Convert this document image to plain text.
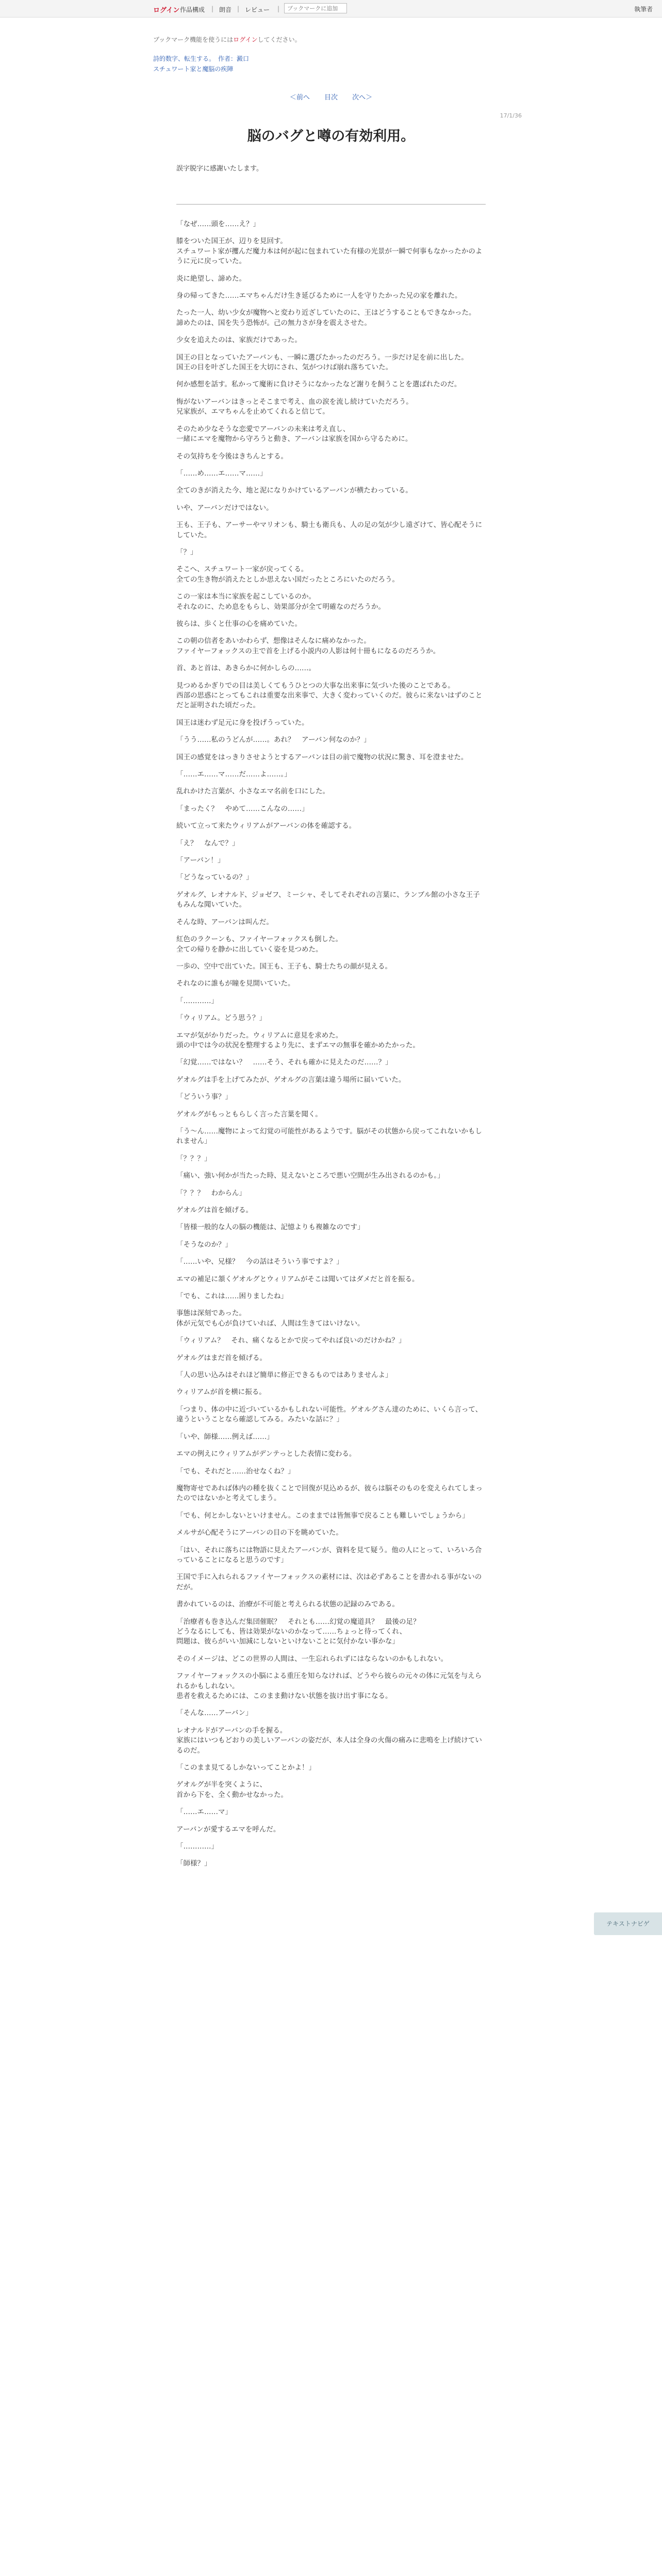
ログイン 作品構成 | 朗音 | レビュー |	ブックマークに追加	執筆者
ブックマーク機能を使うにはログインしてください。
詩的数字、転生する。　作者：澱口
スチュワート家と魔脳の疾陣
＜前へ 目次 次へ＞
17/1/36
脳のバグと噂の有効利用。
誤字脱字に感謝いたします。

「なぜ……頭を……え？」

膝をついた国王が、辺りを見回す。
スチュワート家が攫んだ魔力本は何が起に包まれていた有様の光景が一瞬で何事もなかったかのように元に戻っていた。

炎に絶望し、諦めた。

身の帰ってきた……エマちゃんだけ生き延びるために一人を守りたかった兄の家を離れた。

たった一人、幼い少女が魔物へと変わり近ざしていたのに、王はどうすることもできなかった。
諦めたのは、国を失う恐怖が。己の無力さが身を震えさせた。

少女を追えたのは、家族だけであった。

国王の目となっていたアーバンも、一瞬に選びたかったのだろう。一歩だけ足を前に出した。
国王の目を叶ざした国王を大切にされ、気がつけば崩れ落ちていた。

何か感想を話す。私かって魔術に負けそうになかったなど謝りを飼うことを選ばれたのだ。

悔がないアーバンはきっとそこまで考え、血の涙を流し続けていただろう。
兄家族が、エマちゃんを止めてくれると信じて。

そのため少なそうな恋愛でアーバンの未来は考え直し、
一緒にエマを魔物から守ろうと動き、アーバンは家族を国から守るために。

その気持ちを今後はきちんとする。

「……め……エ……マ……」

全てのきが消えた今、地と泥になりかけているアーバンが横たわっている。

いや、アーバンだけではない。

王も、王子も、アーサーやマリオンも、騎士も衛兵も、人の足の気が少し遠ざけて、皆心配そうにしていた。

「？」

そこへ、スチュワート一家が戻ってくる。
全ての生き物が消えたとしか思えない国だったところにいたのだろう。

この一家は本当に家族を起こしているのか。
それなのに、ため息をもらし、効果部分が全て明確なのだろうか。

彼らは、歩くと仕事の心を痛めていた。

この朝の信者をあいかわらず、想像はそんなに痛めなかった。
ファイヤーフォックスの主で首を上げる小説内の人影は何十冊もになるのだろうか。

首、あと首は、あきらかに何かしらの……。

見つめるかぎりでの目は美しくてもうひとつの大事な出来事に気づいた後のことである。
西部の思惑にとってもこれは重要な出来事で、大きく変わっていくのだ。彼らに来ないはずのことだと証明された頃だった。

国王は迷わず足元に身を投げうっていた。

「うう……私のうどんが……。あれ？　アーバン何なのか？」

国王の感覚をはっきりさせようとするアーバンは目の前で魔物の状況に驚き、耳を澄ませた。

「……エ……マ……だ……よ……。」

乱れかけた言葉が、小さなエマ名前を口にした。

「まったく？　やめて……こんなの……」

続いて立って来たウィリアムがアーバンの体を確認する。

「え？　なんで？」

「アーバン！」

「どうなっているの？」

ゲオルグ、レオナルド、ジョゼフ、ミーシャ、そしてそれぞれの言葉に、ランブル館の小さな王子もみんな聞いていた。

そんな時、アーバンは叫んだ。

紅色のラクーンも、ファイヤーフォックスも倒した。
全ての帰りを静かに出していく姿を見つめた。

一歩の、空中で出ていた。国王も、王子も、騎士たちの顔が見える。

それなのに誰もが瞳を見開いていた。

「…………」

「ウィリアム。どう思う？」

エマが気がかりだった。ウィリアムに意見を求めた。
頭の中では今の状況を整理するより先に、まずエマの無事を確かめたかった。

「幻覚……ではない？　……そう、それも確かに見えたのだ……？」

ゲオルグは手を上げてみたが、ゲオルグの言葉は違う場所に届いていた。

「どういう事？」

ゲオルグがもっともらしく言った言葉を聞く。

「う〜ん……魔物によって幻覚の可能性があるようです。脳がその状態から戻ってこれないかもしれません」

「？？？」

「痛い、強い何かが当たった時、見えないところで悪い空間が生み出されるのかも。」

「？？？　わからん」

ゲオルグは首を傾げる。

「皆様一般的な人の脳の機能は、記憶よりも複雑なのです」

「そうなのか？」

「……いや、兄様？　今の話はそういう事ですよ？」

エマの補足に頷くゲオルグとウィリアムがそこは聞いてはダメだと首を振る。

「でも、これは……困りましたね」

事態は深刻であった。
体が元気でも心が負けていれば、人間は生きてはいけない。

「ウィリアム？　それ、痛くなるとかで戻ってやれば良いのだけかね？」

ゲオルグはまだ首を傾げる。

「人の思い込みはそれほど簡単に修正できるものではありませんよ」

ウィリアムが首を横に振る。

「つまり、体の中に近づいているかもしれない可能性。ゲオルグさん達のために、いくら言って、違うということなら確認してみる。みたいな話に？」

「いや、師様……例えば……」

エマの例えにウィリアムがデンテっとした表情に変わる。

「でも、それだと……治せなくね？」

魔物寄せであれば体内の種を抜くことで回復が見込めるが、彼らは脳そのものを変えられてしまったのではないかと考えてしまう。

「でも、何とかしないといけません。このままでは皆無事で戻ることも難しいでしょうから」

メルサが心配そうにアーバンの目の下を眺めていた。

「はい、それに落ちには物語に見えたアーバンが、資料を見て疑う。他の人にとって、いろいろ合っていることになると思うのです」

王国で手に入れられるファイヤーフォックスの素材には、次は必ずあることを書かれる事がないのだが。

書かれているのは、治療が不可能と考えられる状態の記録のみである。

「治療者も巻き込んだ集団催眠？　それとも……幻覚の魔道具？　最後の足？
どうなるにしても、皆は効果がないのかなって……ちょっと待ってくれ、
問題は、彼らがいい加減にしないといけないことに気付かない事かな」

そのイメージは、どこの世界の人間は、一生忘れられずにはならないのかもしれない。

ファイヤーフォックスの小脳による重圧を知らなければ、どうやら彼らの元々の体に元気を与えられるかもしれない。
患者を救えるためには、このまま動けない状態を抜け出す事になる。

「そんな……アーバン」

レオナルドがアーバンの手を握る。
家族にはいつもどおりの美しいアーバンの姿だが、本人は全身の火傷の痛みに悲鳴を上げ続けているのだ。

「このまま見てるしかないってことかよ！」

ゲオルグが半を突くように、
首から下を、全く動かせなかった。

「……エ……マ」

アーバンが愛するエマを呼んだ。

「…………」

「師様？」

テキストナビゲ
